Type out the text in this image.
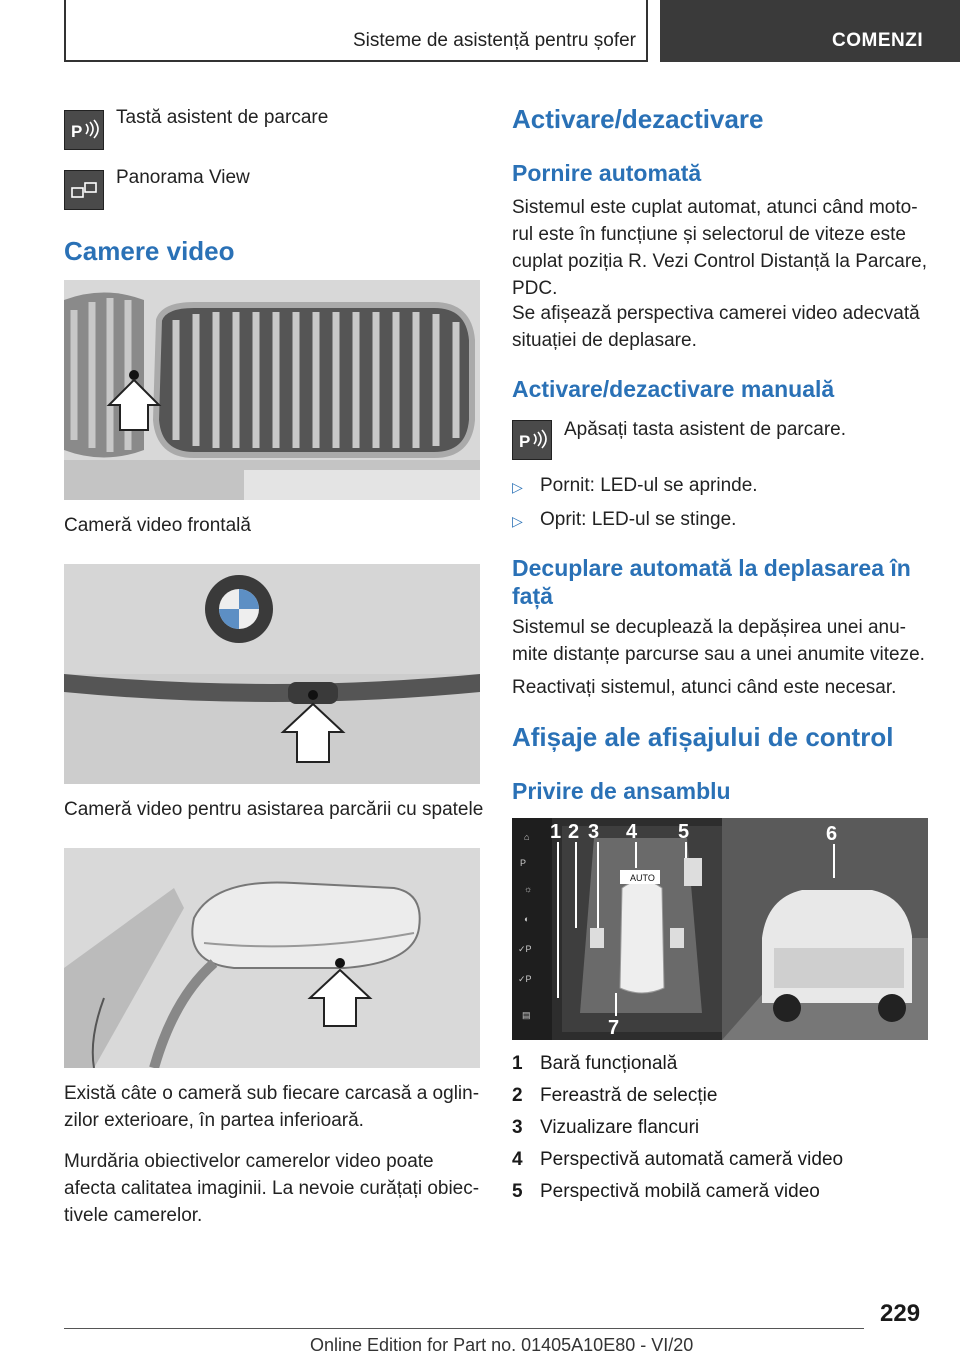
Sisteme de asistență pentru șofer	COMENZI
P
Tastă asistent de parcare
Panorama View
Camere video
Cameră video frontală
Cameră video pentru asistarea parcării cu spatele
Există câte o cameră sub fiecare carcasă a oglin-
zilor exterioare, în partea inferioară.
Murdăria obiectivelor camerelor video poate
afecta calitatea imaginii. La nevoie curățați obiec-
tivele camerelor.
Activare/dezactivare
Pornire automată
Sistemul este cuplat automat, atunci când moto-
rul este în funcțiune și selectorul de viteze este
cuplat poziția R. Vezi Control Distanță la Parcare,
PDC.
Se afișează perspectiva camerei video adecvată
situației de deplasare.
Activare/dezactivare manuală
P
Apăsați tasta asistent de parcare.
▷ Pornit: LED-ul se aprinde.
▷ Oprit: LED-ul se stinge.
Decuplare automată la deplasarea în
față
Sistemul se decuplează la depășirea unei anu-
mite distanțe parcurse sau a unei anumite viteze.
Reactivați sistemul, atunci când este necesar.
Afișaje ale afișajului de control
Privire de ansamblu
⌂
P
☼
◐
✓P
✓P
▤
AUTO
1 2 3 4 5	6
7
1 Bară funcțională
2 Fereastră de selecție
3 Vizualizare flancuri
4 Perspectivă automată cameră video
5 Perspectivă mobilă cameră video
229
Online Edition for Part no. 01405A10E80 - VI/20
